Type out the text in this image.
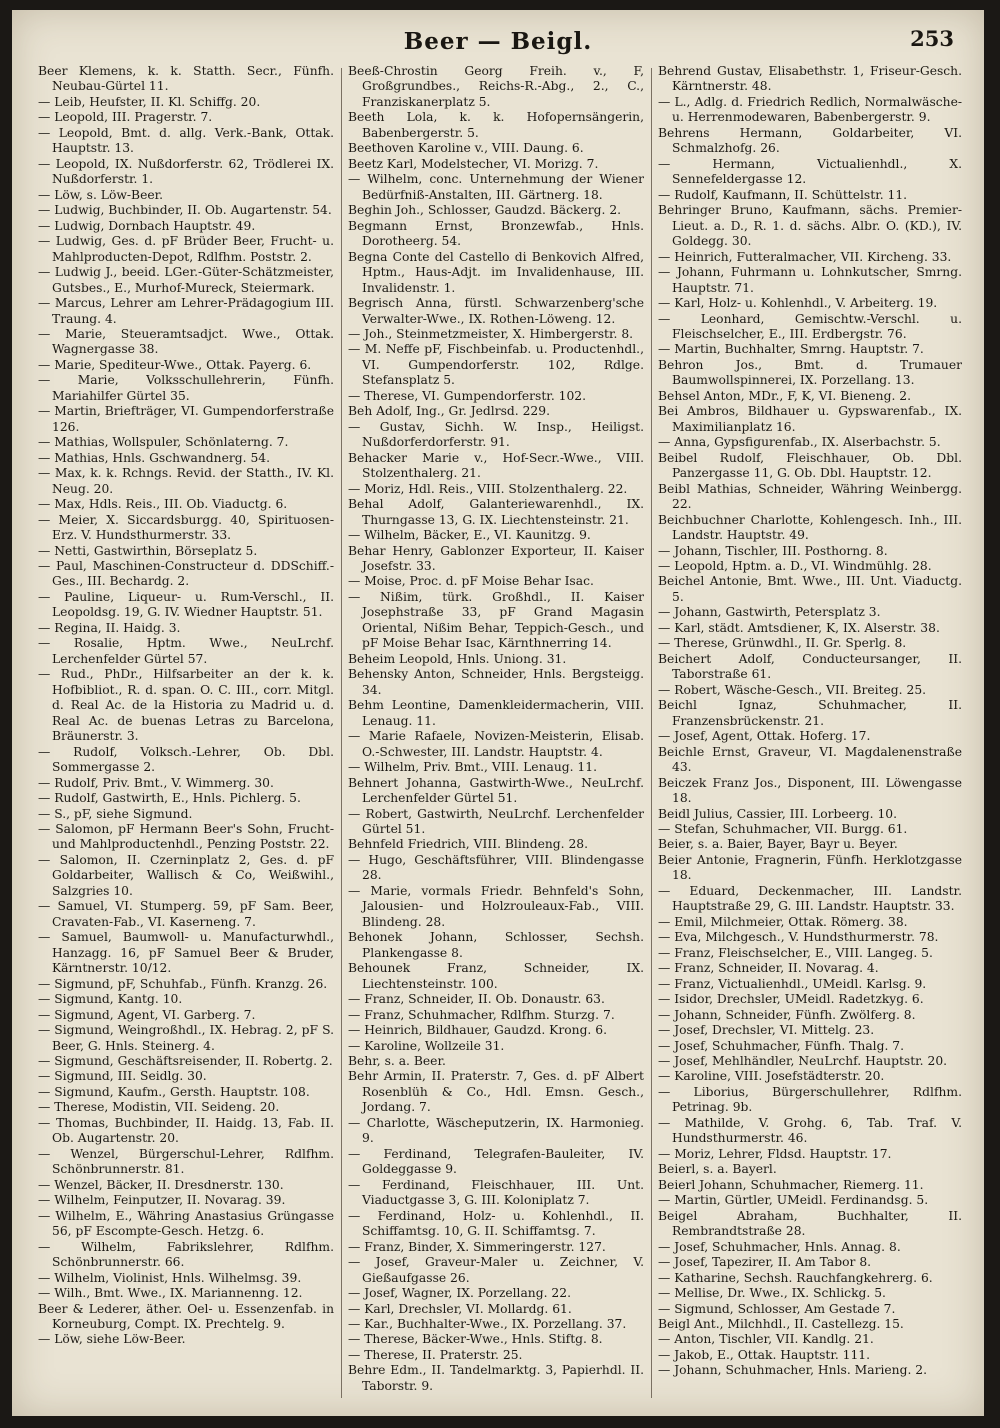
Beer — Beigl.	253
Beer Klemens, k. k. Statth. Secr., Fünfh. Neubau-Gürtel 11.
— Leib, Heufster, II. Kl. Schiffg. 20.
— Leopold, III. Pragerstr. 7.
— Leopold, Bmt. d. allg. Verk.-Bank, Ottak. Hauptstr. 13.
— Leopold, IX. Nußdorferstr. 62, Trödlerei IX. Nußdorferstr. 1.
— Löw, s. Löw-Beer.
— Ludwig, Buchbinder, II. Ob. Augartenstr. 54.
— Ludwig, Dornbach Hauptstr. 49.
— Ludwig, Ges. d. pF Brüder Beer, Frucht- u. Mahlproducten-Depot, Rdlfhm. Poststr. 2.
— Ludwig J., beeid. LGer.-Güter-Schätzmeister, Gutsbes., E., Murhof-Mureck, Steiermark.
— Marcus, Lehrer am Lehrer-Prädagogium III. Traung. 4.
— Marie, Steueramtsadjct. Wwe., Ottak. Wagnergasse 38.
— Marie, Spediteur-Wwe., Ottak. Payerg. 6.
— Marie, Volksschullehrerin, Fünfh. Mariahilfer Gürtel 35.
— Martin, Briefträger, VI. Gumpendorferstraße 126.
— Mathias, Wollspuler, Schönlaterng. 7.
— Mathias, Hnls. Gschwandnerg. 54.
— Max, k. k. Rchngs. Revid. der Statth., IV. Kl. Neug. 20.
— Max, Hdls. Reis., III. Ob. Viaductg. 6.
— Meier, X. Siccardsburgg. 40, Spirituosen-Erz. V. Hundsthurmerstr. 33.
— Netti, Gastwirthin, Börseplatz 5.
— Paul, Maschinen-Constructeur d. DDSchiff.-Ges., III. Bechardg. 2.
— Pauline, Liqueur- u. Rum-Verschl., II. Leopoldsg. 19, G. IV. Wiedner Hauptstr. 51.
— Regina, II. Haidg. 3.
— Rosalie, Hptm. Wwe., NeuLrchf. Lerchenfelder Gürtel 57.
— Rud., PhDr., Hilfsarbeiter an der k. k. Hofbibliot., R. d. span. O. C. III., corr. Mitgl. d. Real Ac. de la Historia zu Madrid u. d. Real Ac. de buenas Letras zu Barcelona, Bräunerstr. 3.
— Rudolf, Volksch.-Lehrer, Ob. Dbl. Sommergasse 2.
— Rudolf, Priv. Bmt., V. Wimmerg. 30.
— Rudolf, Gastwirth, E., Hnls. Pichlerg. 5.
— S., pF, siehe Sigmund.
— Salomon, pF Hermann Beer's Sohn, Frucht- und Mahlproductenhdl., Penzing Poststr. 22.
— Salomon, II. Czerninplatz 2, Ges. d. pF Goldarbeiter, Wallisch & Co, Weißwihl., Salzgries 10.
— Samuel, VI. Stumperg. 59, pF Sam. Beer, Cravaten-Fab., VI. Kaserneng. 7.
— Samuel, Baumwoll- u. Manufacturwhdl., Hanzagg. 16, pF Samuel Beer & Bruder, Kärntnerstr. 10/12.
— Sigmund, pF, Schuhfab., Fünfh. Kranzg. 26.
— Sigmund, Kantg. 10.
— Sigmund, Agent, VI. Garberg. 7.
— Sigmund, Weingroßhdl., IX. Hebrag. 2, pF S. Beer, G. Hnls. Steinerg. 4.
— Sigmund, Geschäftsreisender, II. Robertg. 2.
— Sigmund, III. Seidlg. 30.
— Sigmund, Kaufm., Gersth. Hauptstr. 108.
— Therese, Modistin, VII. Seideng. 20.
— Thomas, Buchbinder, II. Haidg. 13, Fab. II. Ob. Augartenstr. 20.
— Wenzel, Bürgerschul-Lehrer, Rdlfhm. Schönbrunnerstr. 81.
— Wenzel, Bäcker, II. Dresdnerstr. 130.
— Wilhelm, Feinputzer, II. Novarag. 39.
— Wilhelm, E., Währing Anastasius Grüngasse 56, pF Escompte-Gesch. Hetzg. 6.
— Wilhelm, Fabrikslehrer, Rdlfhm. Schönbrunnerstr. 66.
— Wilhelm, Violinist, Hnls. Wilhelmsg. 39.
— Wilh., Bmt. Wwe., IX. Mariannenng. 12.
Beer & Lederer, äther. Oel- u. Essenzenfab. in Korneuburg, Compt. IX. Prechtelg. 9.
— Löw, siehe Löw-Beer.
Beeß-Chrostin Georg Freih. v., F, Großgrundbes., Reichs-R.-Abg., 2., C., Franziskanerplatz 5.
Beeth Lola, k. k. Hofopernsängerin, Babenbergerstr. 5.
Beethoven Karoline v., VIII. Daung. 6.
Beetz Karl, Modelstecher, VI. Morizg. 7.
— Wilhelm, conc. Unternehmung der Wiener Bedürfniß-Anstalten, III. Gärtnerg. 18.
Beghin Joh., Schlosser, Gaudzd. Bäckerg. 2.
Begmann Ernst, Bronzewfab., Hnls. Dorotheerg. 54.
Begna Conte del Castello di Benkovich Alfred, Hptm., Haus-Adjt. im Invalidenhause, III. Invalidenstr. 1.
Begrisch Anna, fürstl. Schwarzenberg'sche Verwalter-Wwe., IX. Rothen-Löweng. 12.
— Joh., Steinmetzmeister, X. Himbergerstr. 8.
— M. Neffe pF, Fischbeinfab. u. Productenhdl., VI. Gumpendorferstr. 102, Rdlge. Stefansplatz 5.
— Therese, VI. Gumpendorferstr. 102.
Beh Adolf, Ing., Gr. Jedlrsd. 229.
— Gustav, Sichh. W. Insp., Heiligst. Nußdorferdorferstr. 91.
Behacker Marie v., Hof-Secr.-Wwe., VIII. Stolzenthalerg. 21.
— Moriz, Hdl. Reis., VIII. Stolzenthalerg. 22.
Behal Adolf, Galanteriewarenhdl., IX. Thurngasse 13, G. IX. Liechtensteinstr. 21.
— Wilhelm, Bäcker, E., VI. Kaunitzg. 9.
Behar Henry, Gablonzer Exporteur, II. Kaiser Josefstr. 33.
— Moise, Proc. d. pF Moise Behar Isac.
— Nißim, türk. Großhdl., II. Kaiser Josephstraße 33, pF Grand Magasin Oriental, Nißim Behar, Teppich-Gesch., und pF Moise Behar Isac, Kärnthnerring 14.
Beheim Leopold, Hnls. Uniong. 31.
Behensky Anton, Schneider, Hnls. Bergsteigg. 34.
Behm Leontine, Damenkleidermacherin, VIII. Lenaug. 11.
— Marie Rafaele, Novizen-Meisterin, Elisab. O.-Schwester, III. Landstr. Hauptstr. 4.
— Wilhelm, Priv. Bmt., VIII. Lenaug. 11.
Behnert Johanna, Gastwirth-Wwe., NeuLrchf. Lerchenfelder Gürtel 51.
— Robert, Gastwirth, NeuLrchf. Lerchenfelder Gürtel 51.
Behnfeld Friedrich, VIII. Blindeng. 28.
— Hugo, Geschäftsführer, VIII. Blindengasse 28.
— Marie, vormals Friedr. Behnfeld's Sohn, Jalousien- und Holzrouleaux-Fab., VIII. Blindeng. 28.
Behonek Johann, Schlosser, Sechsh. Plankengasse 8.
Behounek Franz, Schneider, IX. Liechtensteinstr. 100.
— Franz, Schneider, II. Ob. Donaustr. 63.
— Franz, Schuhmacher, Rdlfhm. Sturzg. 7.
— Heinrich, Bildhauer, Gaudzd. Krong. 6.
— Karoline, Wollzeile 31.
Behr, s. a. Beer.
Behr Armin, II. Praterstr. 7, Ges. d. pF Albert Rosenblüh & Co., Hdl. Emsn. Gesch., Jordang. 7.
— Charlotte, Wäscheputzerin, IX. Harmonieg. 9.
— Ferdinand, Telegrafen-Bauleiter, IV. Goldeggasse 9.
— Ferdinand, Fleischhauer, III. Unt. Viaductgasse 3, G. III. Koloniplatz 7.
— Ferdinand, Holz- u. Kohlenhdl., II. Schiffamtsg. 10, G. II. Schiffamtsg. 7.
— Franz, Binder, X. Simmeringerstr. 127.
— Josef, Graveur-Maler u. Zeichner, V. Gießaufgasse 26.
— Josef, Wagner, IX. Porzellang. 22.
— Karl, Drechsler, VI. Mollardg. 61.
— Kar., Buchhalter-Wwe., IX. Porzellang. 37.
— Therese, Bäcker-Wwe., Hnls. Stiftg. 8.
— Therese, II. Praterstr. 25.
Behre Edm., II. Tandelmarktg. 3, Papierhdl. II. Taborstr. 9.
Behrend Gustav, Elisabethstr. 1, Friseur-Gesch. Kärntnerstr. 48.
— L., Adlg. d. Friedrich Redlich, Normalwäsche- u. Herrenmodewaren, Babenbergerstr. 9.
Behrens Hermann, Goldarbeiter, VI. Schmalzhofg. 26.
— Hermann, Victualienhdl., X. Sennefeldergasse 12.
— Rudolf, Kaufmann, II. Schüttelstr. 11.
Behringer Bruno, Kaufmann, sächs. Premier-Lieut. a. D., R. 1. d. sächs. Albr. O. (KD.), IV. Goldegg. 30.
— Heinrich, Futteralmacher, VII. Kircheng. 33.
— Johann, Fuhrmann u. Lohnkutscher, Smrng. Hauptstr. 71.
— Karl, Holz- u. Kohlenhdl., V. Arbeiterg. 19.
— Leonhard, Gemischtw.-Verschl. u. Fleischselcher, E., III. Erdbergstr. 76.
— Martin, Buchhalter, Smrng. Hauptstr. 7.
Behron Jos., Bmt. d. Trumauer Baumwollspinnerei, IX. Porzellang. 13.
Behsel Anton, MDr., F, K, VI. Bieneng. 2.
Bei Ambros, Bildhauer u. Gypswarenfab., IX. Maximilianplatz 16.
— Anna, Gypsfigurenfab., IX. Alserbachstr. 5.
Beibel Rudolf, Fleischhauer, Ob. Dbl. Panzergasse 11, G. Ob. Dbl. Hauptstr. 12.
Beibl Mathias, Schneider, Währing Weinbergg. 22.
Beichbuchner Charlotte, Kohlengesch. Inh., III. Landstr. Hauptstr. 49.
— Johann, Tischler, III. Posthorng. 8.
— Leopold, Hptm. a. D., VI. Windmühlg. 28.
Beichel Antonie, Bmt. Wwe., III. Unt. Viaductg. 5.
— Johann, Gastwirth, Petersplatz 3.
— Karl, städt. Amtsdiener, K, IX. Alserstr. 38.
— Therese, Grünwdhl., II. Gr. Sperlg. 8.
Beichert Adolf, Conducteursanger, II. Taborstraße 61.
— Robert, Wäsche-Gesch., VII. Breiteg. 25.
Beichl Ignaz, Schuhmacher, II. Franzensbrückenstr. 21.
— Josef, Agent, Ottak. Hoferg. 17.
Beichle Ernst, Graveur, VI. Magdalenenstraße 43.
Beiczek Franz Jos., Disponent, III. Löwengasse 18.
Beidl Julius, Cassier, III. Lorbeerg. 10.
— Stefan, Schuhmacher, VII. Burgg. 61.
Beier, s. a. Baier, Bayer, Bayr u. Beyer.
Beier Antonie, Fragnerin, Fünfh. Herklotzgasse 18.
— Eduard, Deckenmacher, III. Landstr. Hauptstraße 29, G. III. Landstr. Hauptstr. 33.
— Emil, Milchmeier, Ottak. Römerg. 38.
— Eva, Milchgesch., V. Hundsthurmerstr. 78.
— Franz, Fleischselcher, E., VIII. Langeg. 5.
— Franz, Schneider, II. Novarag. 4.
— Franz, Victualienhdl., UMeidl. Karlsg. 9.
— Isidor, Drechsler, UMeidl. Radetzkyg. 6.
— Johann, Schneider, Fünfh. Zwölferg. 8.
— Josef, Drechsler, VI. Mittelg. 23.
— Josef, Schuhmacher, Fünfh. Thalg. 7.
— Josef, Mehlhändler, NeuLrchf. Hauptstr. 20.
— Karoline, VIII. Josefstädterstr. 20.
— Liborius, Bürgerschullehrer, Rdlfhm. Petrinag. 9b.
— Mathilde, V. Grohg. 6, Tab. Traf. V. Hundsthurmerstr. 46.
— Moriz, Lehrer, Fldsd. Hauptstr. 17.
Beierl, s. a. Bayerl.
Beierl Johann, Schuhmacher, Riemerg. 11.
— Martin, Gürtler, UMeidl. Ferdinandsg. 5.
Beigel Abraham, Buchhalter, II. Rembrandtstraße 28.
— Josef, Schuhmacher, Hnls. Annag. 8.
— Josef, Tapezirer, II. Am Tabor 8.
— Katharine, Sechsh. Rauchfangkehrerg. 6.
— Mellise, Dr. Wwe., IX. Schlickg. 5.
— Sigmund, Schlosser, Am Gestade 7.
Beigl Ant., Milchhdl., II. Castellezg. 15.
— Anton, Tischler, VII. Kandlg. 21.
— Jakob, E., Ottak. Hauptstr. 111.
— Johann, Schuhmacher, Hnls. Marieng. 2.
